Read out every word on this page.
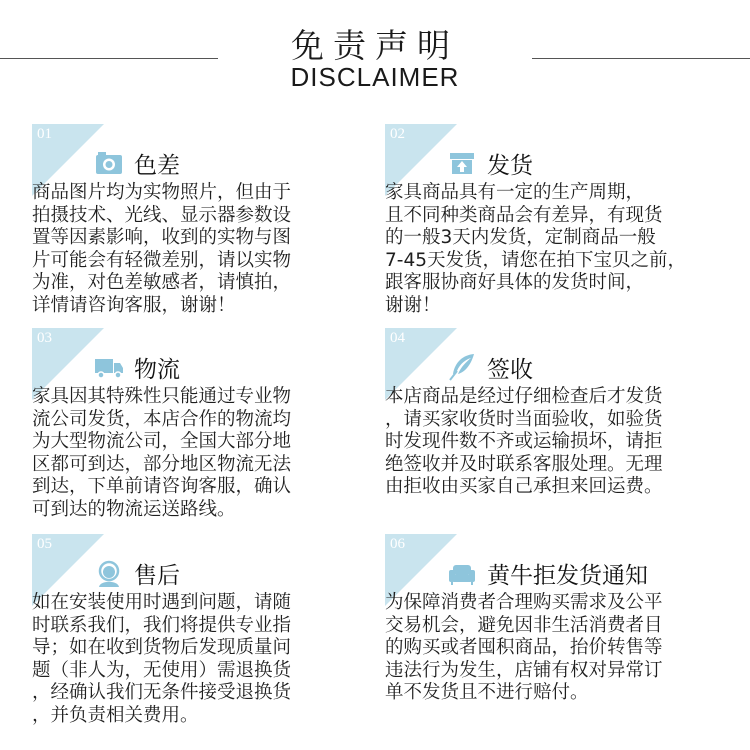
免责声明
DISCLAIMER
01
色差
商品图片均为实物照片，但由于
拍摄技术、光线、显示器参数设
置等因素影响，收到的实物与图
片可能会有轻微差别，请以实物
为准，对色差敏感者，请慎拍，
详情请咨询客服，谢谢！
02
发货
家具商品具有一定的生产周期，
且不同种类商品会有差异，有现货
的一般3天内发货，定制商品一般
7-45天发货，请您在拍下宝贝之前，
跟客服协商好具体的发货时间，
谢谢！
03
物流
家具因其特殊性只能通过专业物
流公司发货，本店合作的物流均
为大型物流公司，全国大部分地
区都可到达，部分地区物流无法
到达，下单前请咨询客服，确认
可到达的物流运送路线。
04
签收
本店商品是经过仔细检查后才发货
，请买家收货时当面验收，如验货
时发现件数不齐或运输损坏，请拒
绝签收并及时联系客服处理。无理
由拒收由买家自己承担来回运费。
05
售后
如在安装使用时遇到问题，请随
时联系我们，我们将提供专业指
导；如在收到货物后发现质量问
题（非人为，无使用）需退换货
，经确认我们无条件接受退换货
，并负责相关费用。
06
黄牛拒发货通知
为保障消费者合理购买需求及公平
交易机会，避免因非生活消费者目
的购买或者囤积商品，抬价转售等
违法行为发生，店铺有权对异常订
单不发货且不进行赔付。
